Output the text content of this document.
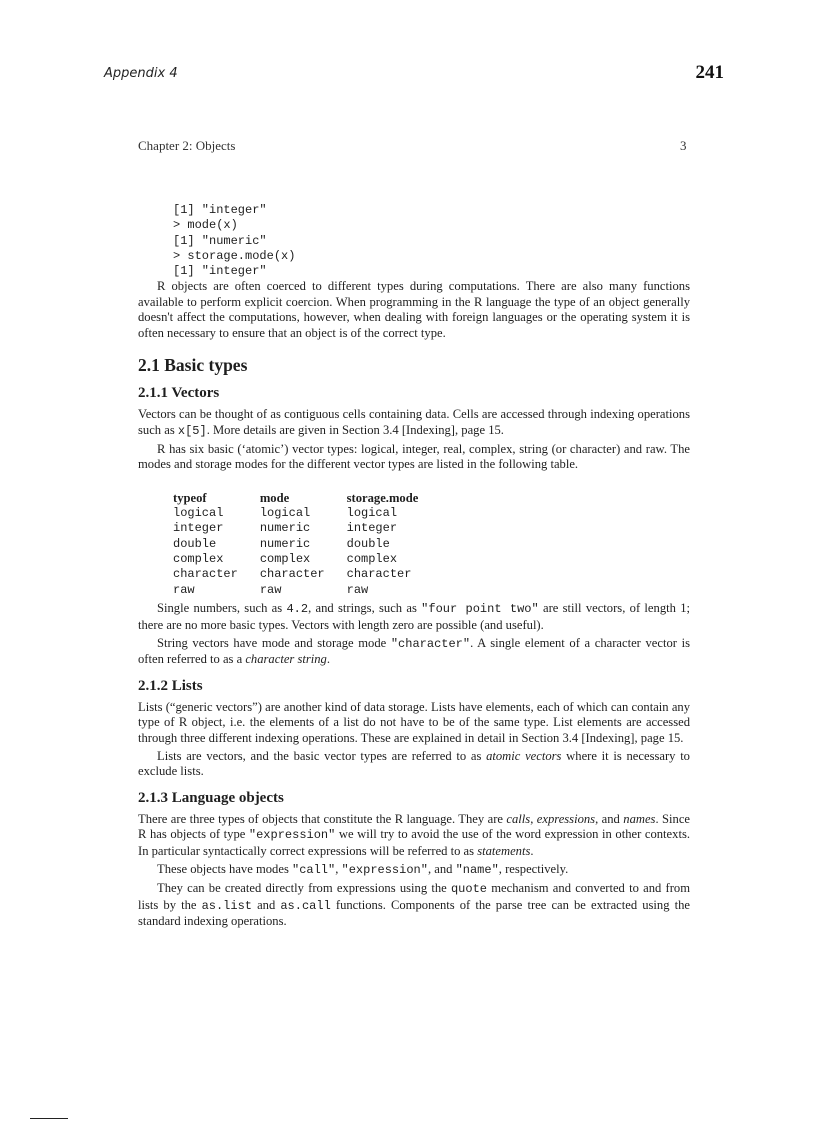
Appendix 4	241
Chapter 2: Objects	3
[1] "integer"
> mode(x)
[1] "numeric"
> storage.mode(x)
[1] "integer"

R objects are often coerced to different types during computations. There are also many functions available to perform explicit coercion. When programming in the R language the type of an object generally doesn't affect the computations, however, when dealing with foreign languages or the operating system it is often necessary to ensure that an object is of the correct type.

2.1 Basic types
2.1.1 Vectors

Vectors can be thought of as contiguous cells containing data. Cells are accessed through indexing operations such as x[5]. More details are given in Section 3.4 [Indexing], page 15.

R has six basic (‘atomic’) vector types: logical, integer, real, complex, string (or character) and raw. The modes and storage modes for the different vector types are listed in the following table.

typeof	mode	storage.mode
logical	logical	logical
integer	numeric	integer
double	numeric	double
complex	complex	complex
character	character	character
raw	raw	raw

Single numbers, such as 4.2, and strings, such as "four point two" are still vectors, of length 1; there are no more basic types. Vectors with length zero are possible (and useful).

String vectors have mode and storage mode "character". A single element of a character vector is often referred to as a character string.

2.1.2 Lists

Lists (“generic vectors”) are another kind of data storage. Lists have elements, each of which can contain any type of R object, i.e. the elements of a list do not have to be of the same type. List elements are accessed through three different indexing operations. These are explained in detail in Section 3.4 [Indexing], page 15.

Lists are vectors, and the basic vector types are referred to as atomic vectors where it is necessary to exclude lists.

2.1.3 Language objects

There are three types of objects that constitute the R language. They are calls, expressions, and names. Since R has objects of type "expression" we will try to avoid the use of the word expression in other contexts. In particular syntactically correct expressions will be referred to as statements.

These objects have modes "call", "expression", and "name", respectively.

They can be created directly from expressions using the quote mechanism and converted to and from lists by the as.list and as.call functions. Components of the parse tree can be extracted using the standard indexing operations.
